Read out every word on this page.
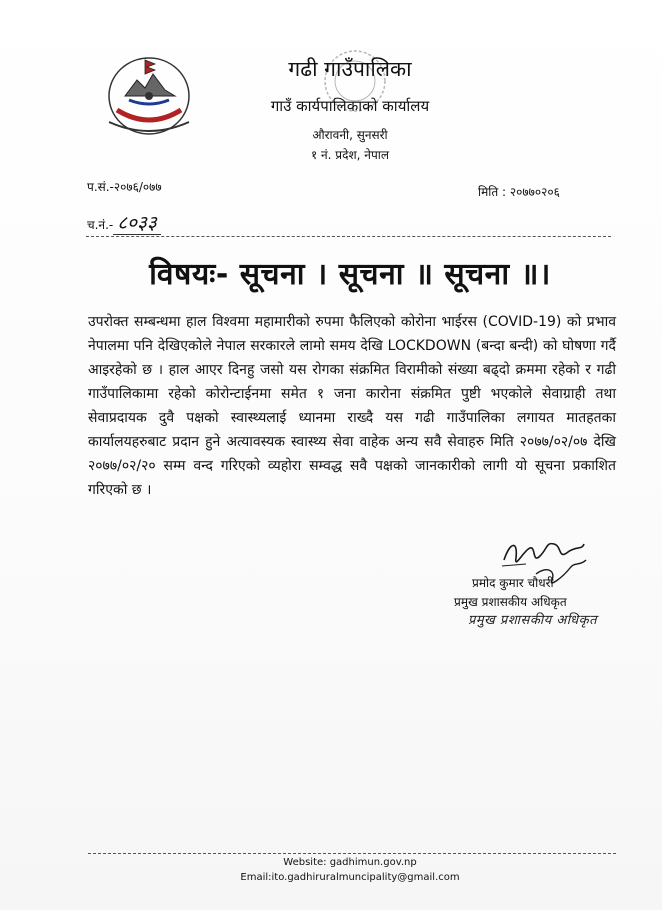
गढी गाउँपालिका
गाउँ कार्यपालिकाको कार्यालय
औरावनी, सुनसरी
१ नं. प्रदेश, नेपाल
प.सं.-२०७६/०७७	मिति : २०७७०२०६
च.नं.- ८०३३
विषयः- सूचना । सूचना ॥ सूचना ॥।
उपरोक्त सम्बन्धमा हाल विश्वमा महामारीको रुपमा फैलिएको कोरोना भाईरस (COVID-19) को प्रभाव नेपालमा पनि देखिएकोले नेपाल सरकारले लामो समय देखि LOCKDOWN (बन्दा बन्दी) को घोषणा गर्दै आइरहेको छ । हाल आएर दिनहु जसो यस रोगका संक्रमित विरामीको संख्या बढ्दो क्रममा रहेको र गढी गाउँपालिकामा रहेको कोरोन्टाईनमा समेत १ जना कारोना संक्रमित पुष्टी भएकोले सेवाग्राही तथा सेवाप्रदायक दुवै पक्षको स्वास्थ्यलाई ध्यानमा राख्दै यस गढी गाउँपालिका लगायत मातहतका कार्यालयहरुबाट प्रदान हुने अत्यावस्यक स्वास्थ्य सेवा वाहेक अन्य सवै सेवाहरु मिति २०७७/०२/०७ देखि २०७७/०२/२० सम्म वन्द गरिएको व्यहोरा सम्वद्ध सवै पक्षको जानकारीको लागी यो सूचना प्रकाशित गरिएको छ ।
प्रमोद कुमार चौधरी
प्रमुख प्रशासकीय अधिकृत
प्रमुख प्रशासकीय अधिकृत
Website: gadhimun.gov.np
Email:ito.gadhiruralmuncipality@gmail.com
